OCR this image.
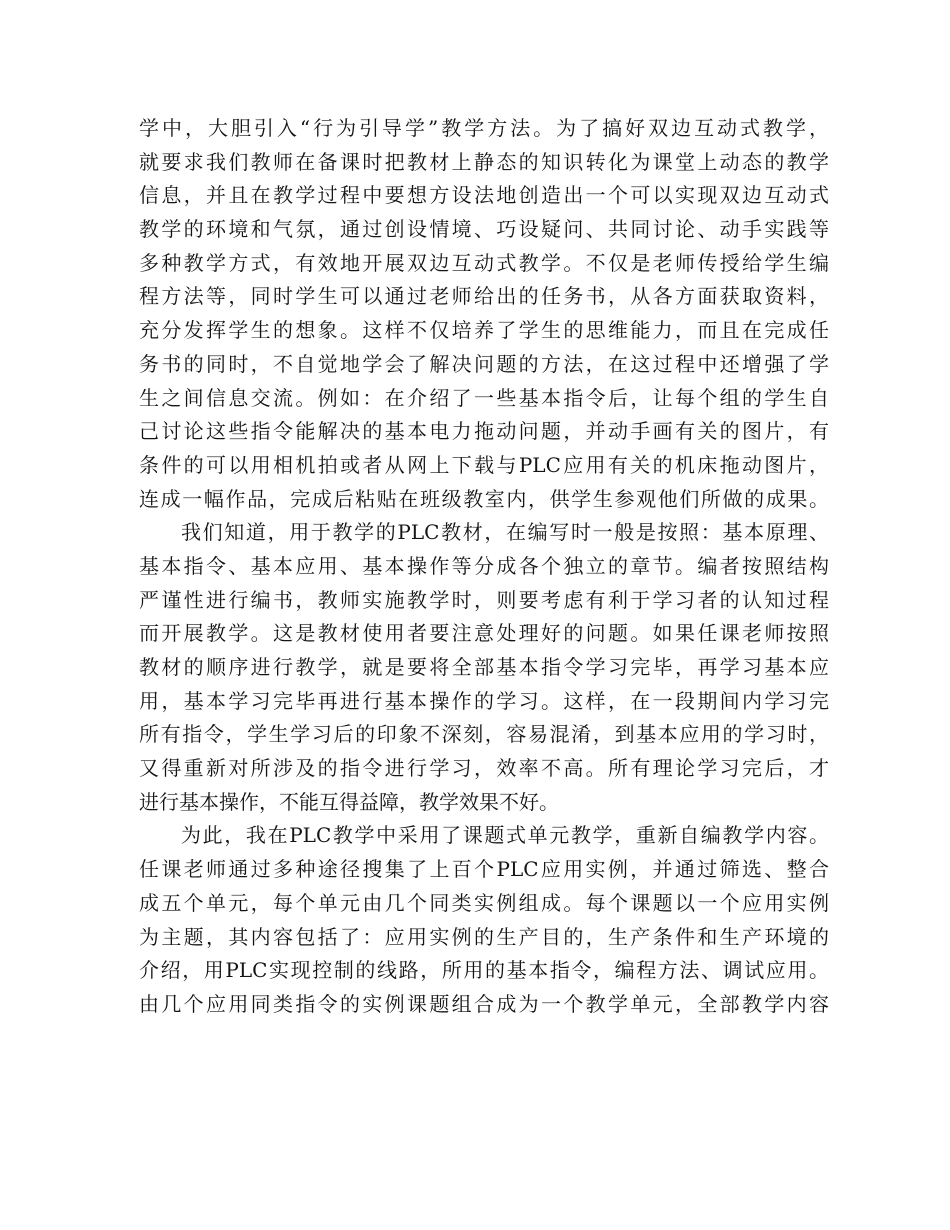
学中，大胆引入“行为引导学”教学方法。为了搞好双边互动式教学，
就要求我们教师在备课时把教材上静态的知识转化为课堂上动态的教学
信息，并且在教学过程中要想方设法地创造出一个可以实现双边互动式
教学的环境和气氛，通过创设情境、巧设疑问、共同讨论、动手实践等
多种教学方式，有效地开展双边互动式教学。不仅是老师传授给学生编
程方法等，同时学生可以通过老师给出的任务书，从各方面获取资料，
充分发挥学生的想象。这样不仅培养了学生的思维能力，而且在完成任
务书的同时，不自觉地学会了解决问题的方法，在这过程中还增强了学
生之间信息交流。例如：在介绍了一些基本指令后，让每个组的学生自
己讨论这些指令能解决的基本电力拖动问题，并动手画有关的图片，有
条件的可以用相机拍或者从网上下载与PLC应用有关的机床拖动图片，
连成一幅作品，完成后粘贴在班级教室内，供学生参观他们所做的成果。
我们知道，用于教学的PLC教材，在编写时一般是按照：基本原理、
基本指令、基本应用、基本操作等分成各个独立的章节。编者按照结构
严谨性进行编书，教师实施教学时，则要考虑有利于学习者的认知过程
而开展教学。这是教材使用者要注意处理好的问题。如果任课老师按照
教材的顺序进行教学，就是要将全部基本指令学习完毕，再学习基本应
用，基本学习完毕再进行基本操作的学习。这样，在一段期间内学习完
所有指令，学生学习后的印象不深刻，容易混淆，到基本应用的学习时，
又得重新对所涉及的指令进行学习，效率不高。所有理论学习完后，才
进行基本操作，不能互得益障，教学效果不好。
为此，我在PLC教学中采用了课题式单元教学，重新自编教学内容。
任课老师通过多种途径搜集了上百个PLC应用实例，并通过筛选、整合
成五个单元，每个单元由几个同类实例组成。每个课题以一个应用实例
为主题，其内容包括了：应用实例的生产目的，生产条件和生产环境的
介绍，用PLC实现控制的线路，所用的基本指令，编程方法、调试应用。
由几个应用同类指令的实例课题组合成为一个教学单元，全部教学内容
